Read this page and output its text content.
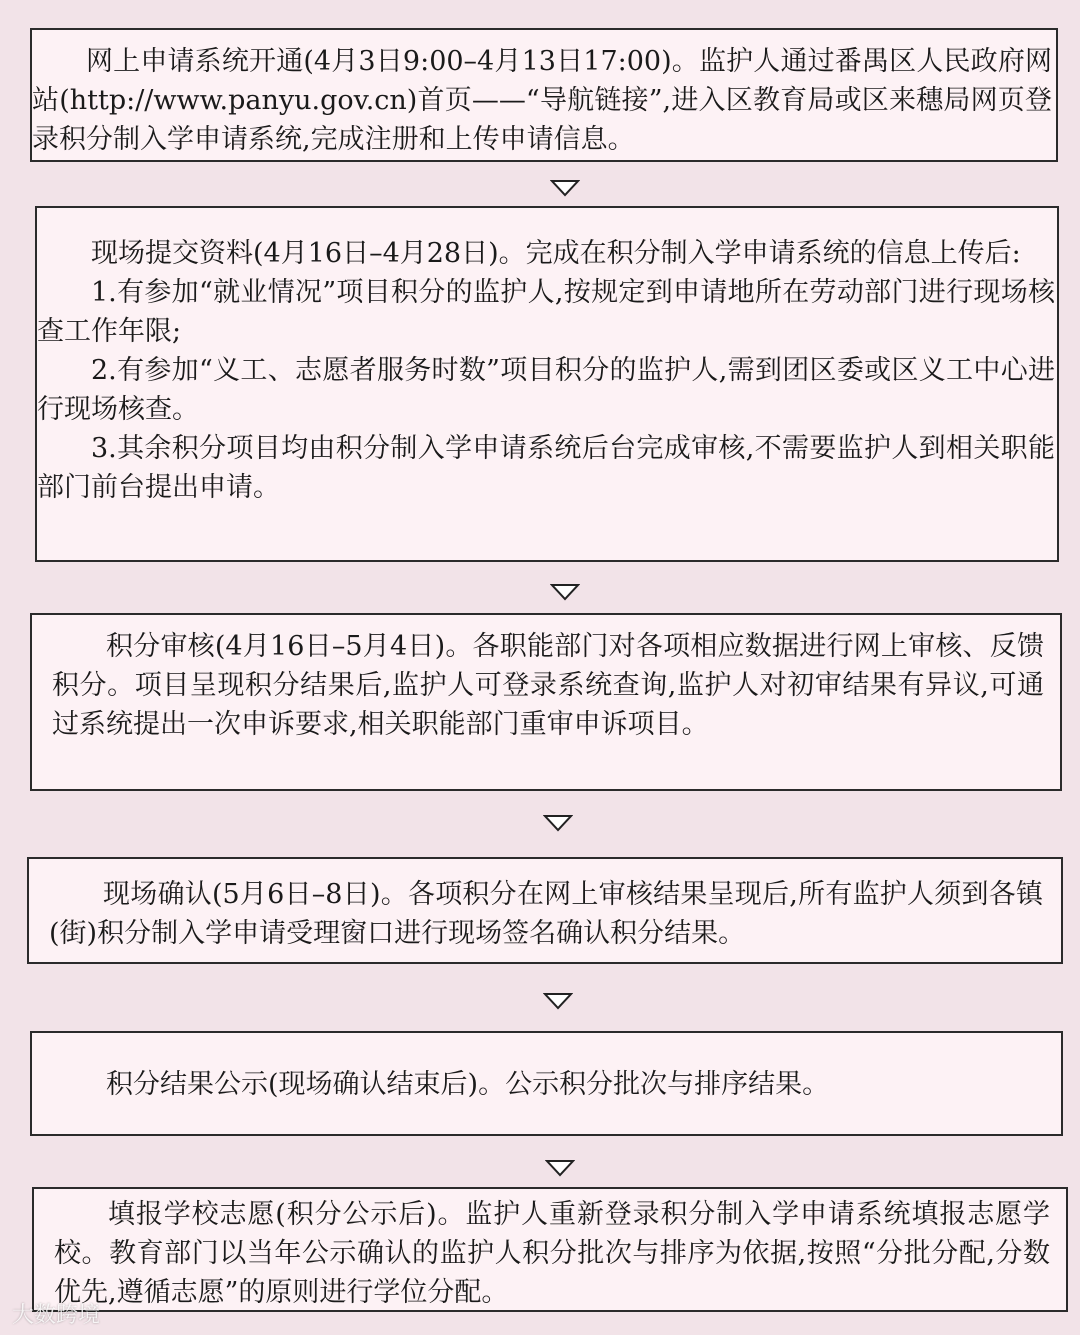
网上申请系统开通(4月3日9:00–4月13日17:00)。监护人通过番禺区人民政府网站(http://www.panyu.gov.cn)首页——“导航链接”,进入区教育局或区来穗局网页登录积分制入学申请系统,完成注册和上传申请信息。

现场提交资料(4月16日–4月28日)。完成在积分制入学申请系统的信息上传后:

1.有参加“就业情况”项目积分的监护人,按规定到申请地所在劳动部门进行现场核查工作年限;

2.有参加“义工、志愿者服务时数”项目积分的监护人,需到团区委或区义工中心进行现场核查。

3.其余积分项目均由积分制入学申请系统后台完成审核,不需要监护人到相关职能部门前台提出申请。

积分审核(4月16日–5月4日)。各职能部门对各项相应数据进行网上审核、反馈积分。项目呈现积分结果后,监护人可登录系统查询,监护人对初审结果有异议,可通过系统提出一次申诉要求,相关职能部门重审申诉项目。

现场确认(5月6日–8日)。各项积分在网上审核结果呈现后,所有监护人须到各镇(街)积分制入学申请受理窗口进行现场签名确认积分结果。

积分结果公示(现场确认结束后)。公示积分批次与排序结果。

填报学校志愿(积分公示后)。监护人重新登录积分制入学申请系统填报志愿学校。教育部门以当年公示确认的监护人积分批次与排序为依据,按照“分批分配,分数优先,遵循志愿”的原则进行学位分配。

大数跨境
